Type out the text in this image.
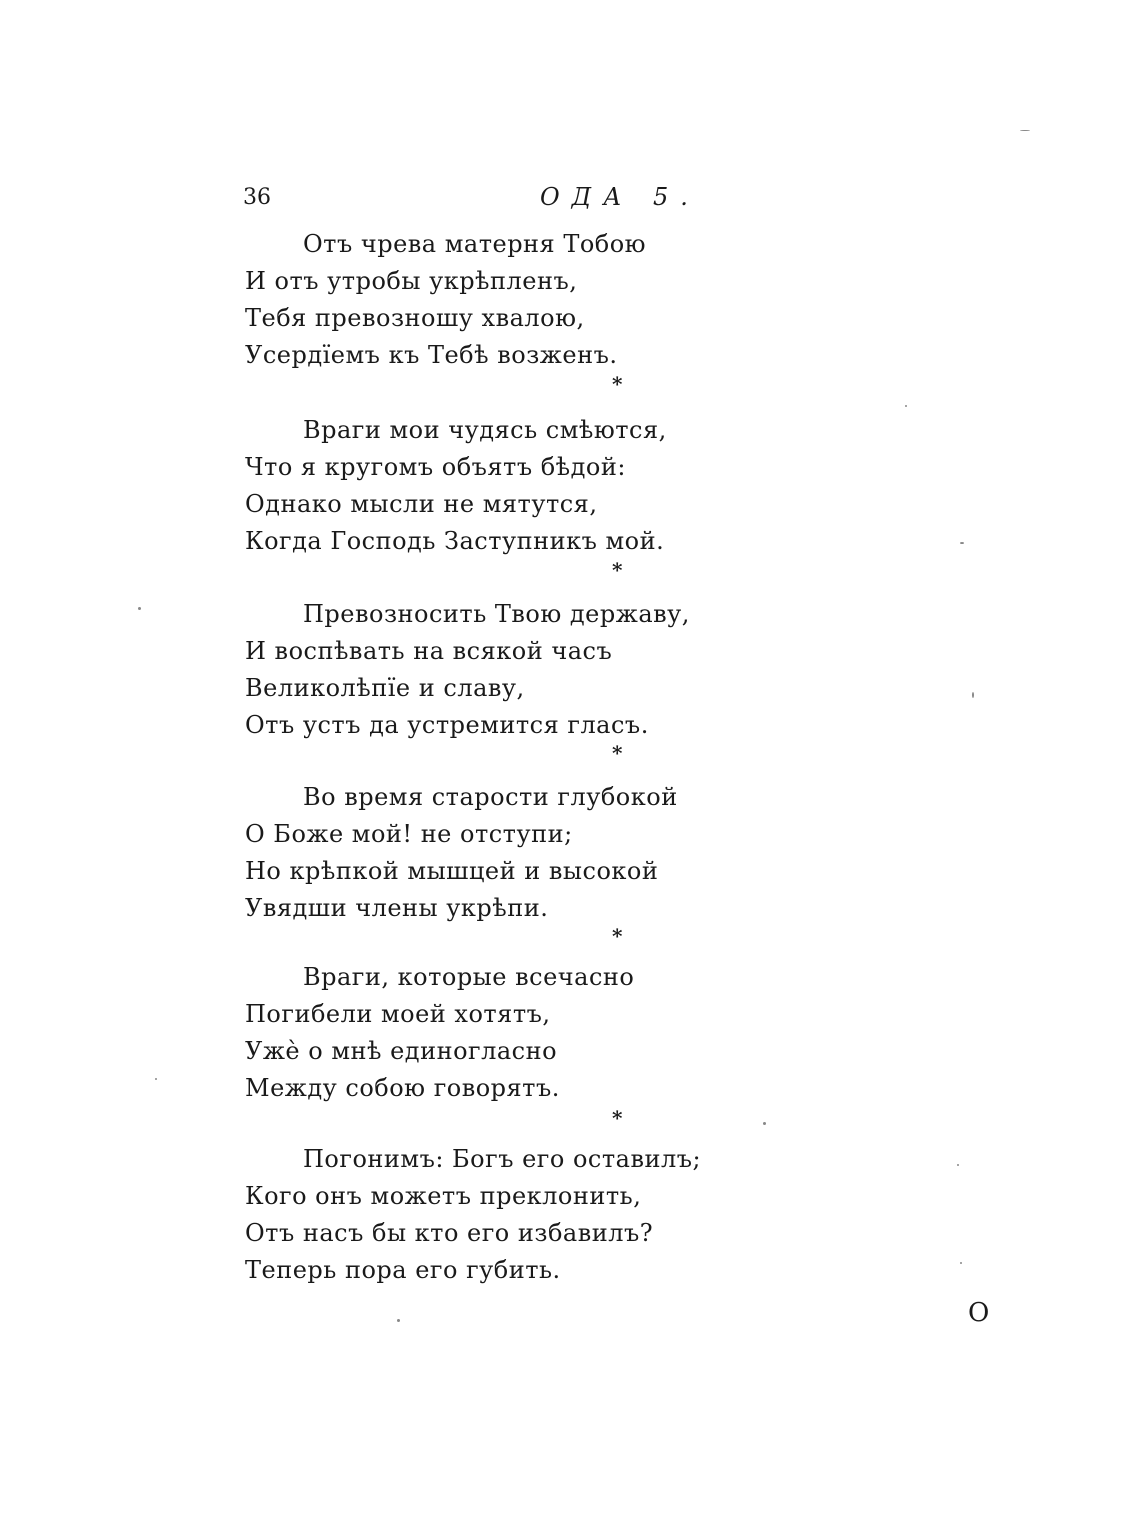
36	ОДА 5.
Отъ чрева матерня Тобою
И отъ утробы укрѣпленъ,
Тебя превозношу хвалою,
Усердїемъ къ Тебѣ возженъ.
*
Враги мои чудясь смѣются,
Что я кругомъ объятъ бѣдой:
Однако мысли не мятутся,
Когда Господь Заступникъ мой.
*
Превозносить Твою державу,
И воспѣвать на всякой часъ
Великолѣпїе и славу,
Отъ устъ да устремится гласъ.
*
Во время старости глубокой
О Боже мой! не отступи;
Но крѣпкой мышцей и высокой
Увядши члены укрѣпи.
*
Враги, которые всечасно
Погибели моей хотятъ,
Ужѐ о мнѣ единогласно
Между собою говорятъ.
*
Погонимъ: Богъ его оставилъ;
Кого онъ можетъ преклонить,
Отъ насъ бы кто его избавилъ?
Теперь пора его губить.
О
